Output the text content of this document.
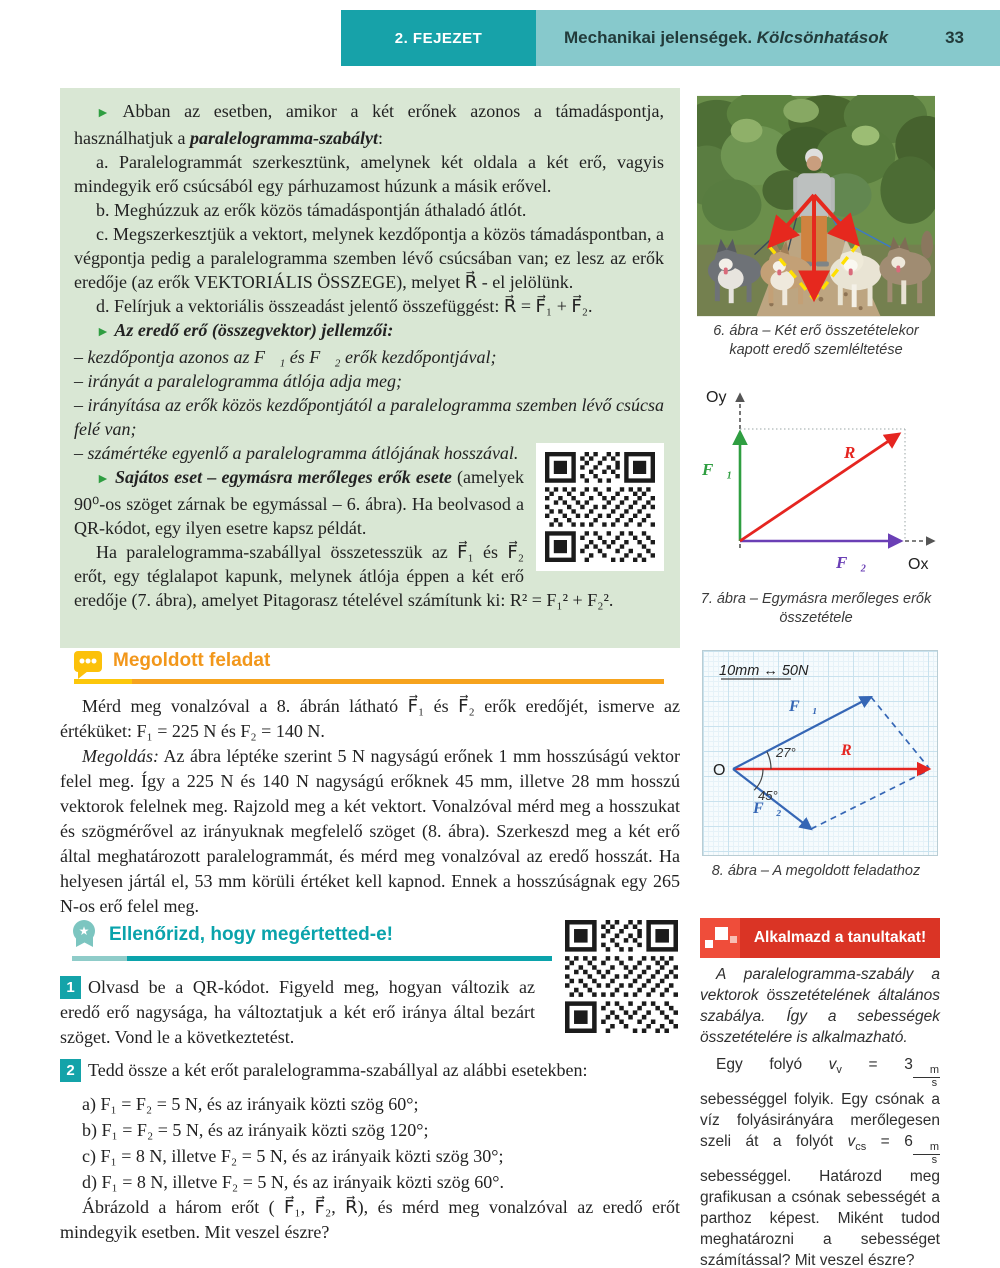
2. FEJEZET	Mechanikai jelenségek. Kölcsönhatások	33

► Abban az esetben, amikor a két erőnek azonos a támadáspontja, használhatjuk a paralelogramma-szabályt:

a. Paralelogrammát szerkesztünk, amelynek két oldala a két erő, vagyis mindegyik erő csúcsából egy párhuzamost húzunk a másik erővel.

b. Meghúzzuk az erők közös támadáspontján áthaladó átlót.

c. Megszerkesztjük a vektort, melynek kezdőpontja a közös támadáspontban, a végpontja pedig a paralelogramma szemben lévő csúcsában van; ez lesz az erők eredője (az erők VEKTORIÁLIS ÖSSZEGE), melyet R⃗ - el jelölünk.

d. Felírjuk a vektoriális összeadást jelentő összefüggést: R⃗ = F⃗₁ + F⃗₂.

► Az eredő erő (összegvektor) jellemzői:

– kezdőpontja azonos az F⃗₁ és F⃗₂ erők kezdőpontjával;

– irányát a paralelogramma átlója adja meg;

– irányítása az erők közös kezdőpontjától a paralelogramma szemben lévő csúcsa felé van;

– számértéke egyenlő a paralelogramma átlójának hosszával.

► Sajátos eset – egymásra merőleges erők esete (amelyek 90⁰-os szöget zárnak be egymással – 6. ábra). Ha beolvasod a QR-kódot, egy ilyen esetre kapsz példát.

Ha paralelogramma-szabállyal összetesszük az F⃗₁ és F⃗₂ erőt, egy téglalapot kapunk, melynek átlója éppen a két erő eredője (7. ábra), amelyet Pitagorasz tételével számítunk ki: R² = F₁² + F₂².

Megoldott feladat

Mérd meg vonalzóval a 8. ábrán látható F⃗₁ és F⃗₂ erők eredőjét, ismerve az értéküket: F₁ = 225 N és F₂ = 140 N.

Megoldás: Az ábra léptéke szerint 5 N nagyságú erőnek 1 mm hosszúságú vektor felel meg. Így a 225 N és 140 N nagyságú erőknek 45 mm, illetve 28 mm hosszú vektorok felelnek meg. Rajzold meg a két vektort. Vonalzóval mérd meg a hosszukat és szögmérővel az irányuknak megfelelő szöget (8. ábra). Szerkeszd meg a két erő által meghatározott paralelogrammát, és mérd meg vonalzóval az eredő hosszát. Ha helyesen jártál el, 53 mm körüli értéket kell kapnod. Ennek a hosszúságnak egy 265 N-os erő felel meg.

★ Ellenőrizd, hogy megértetted-e!

1 Olvasd be a QR-kódot. Figyeld meg, hogyan változik az eredő erő nagysága, ha változtatjuk a két erő iránya által bezárt szöget. Vond le a következtetést.

2 Tedd össze a két erőt paralelogramma-szabállyal az alábbi esetekben:

a) F₁ = F₂ = 5 N, és az irányaik közti szög 60°;

b) F₁ = F₂ = 5 N, és az irányaik közti szög 120°;

c) F₁ = 8 N, illetve F₂ = 5 N, és az irányaik közti szög 30°;

d) F₁ = 8 N, illetve F₂ = 5 N, és az irányaik közti szög 60°.

Ábrázold a három erőt ( F⃗₁, F⃗₂, R⃗), és mérd meg vonalzóval az eredő erőt mindegyik esetben. Mit veszel észre?

6. ábra – Két erő összetételekor kapott eredő szemléltetése
Oy
Ox
F⃗₁
R⃗
F⃗₂
7. ábra – Egymásra merőleges erők összetétele
10mm ↔ 50N
O
27°
45°
F⃗₁
F⃗₂
R⃗
8. ábra – A megoldott feladathoz
Alkalmazd a tanultakat!

A paralelogramma-szabály a vektorok összetételének általános szabálya. Így a sebességek összetételére is alkalmazható.

Egy folyó $v_v = 3$
$\frac{m}{s}$
sebességgel folyik. Egy csónak a víz folyásirányára merőlegesen szeli át a folyót $v_{cs} = 6$
$\frac{m}{s}$
sebességgel. Határozd meg grafikusan a csónak sebességét a parthoz képest. Miként tudod meghatározni a sebességet számítással? Mit veszel észre?
